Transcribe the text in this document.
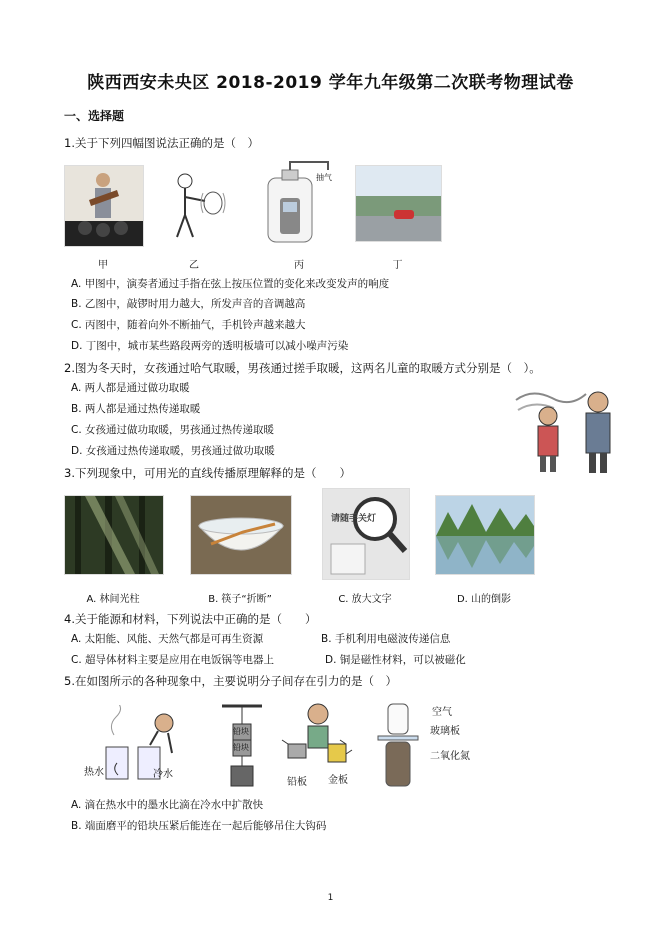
陕西西安未央区 2018-2019 学年九年级第二次联考物理试卷
一、选择题
1.关于下列四幅图说法正确的是（　）
抽气
甲	乙	丙	丁
A. 甲图中，演奏者通过手指在弦上按压位置的变化来改变发声的响度
B. 乙图中，敲锣时用力越大，所发声音的音调越高
C. 丙图中，随着向外不断抽气，手机铃声越来越大
D. 丁图中，城市某些路段两旁的透明板墙可以减小噪声污染
2.图为冬天时，女孩通过哈气取暖，男孩通过搓手取暖，这两名儿童的取暖方式分别是（　）。
A. 两人都是通过做功取暖
B. 两人都是通过热传递取暖
C. 女孩通过做功取暖，男孩通过热传递取暖
D. 女孩通过热传递取暖，男孩通过做功取暖
3.下列现象中，可用光的直线传播原理解释的是（　　）
请随手关灯
A. 林间光柱	B. 筷子“折断”	C. 放大文字	D. 山的倒影
4.关于能源和材料，下列说法中正确的是（　　）
A. 太阳能、风能、天然气都是可再生资源	B. 手机利用电磁波传递信息
C. 超导体材料主要是应用在电饭锅等电器上	D. 铜是磁性材料，可以被磁化
5.在如图所示的各种现象中，主要说明分子间存在引力的是（　）
热水	冷水
铅块
铅块
铅板 金板
空气
玻璃板
二氧化氮
A. 滴在热水中的墨水比滴在冷水中扩散快
B. 端面磨平的铅块压紧后能连在一起后能够吊住大钩码
1
